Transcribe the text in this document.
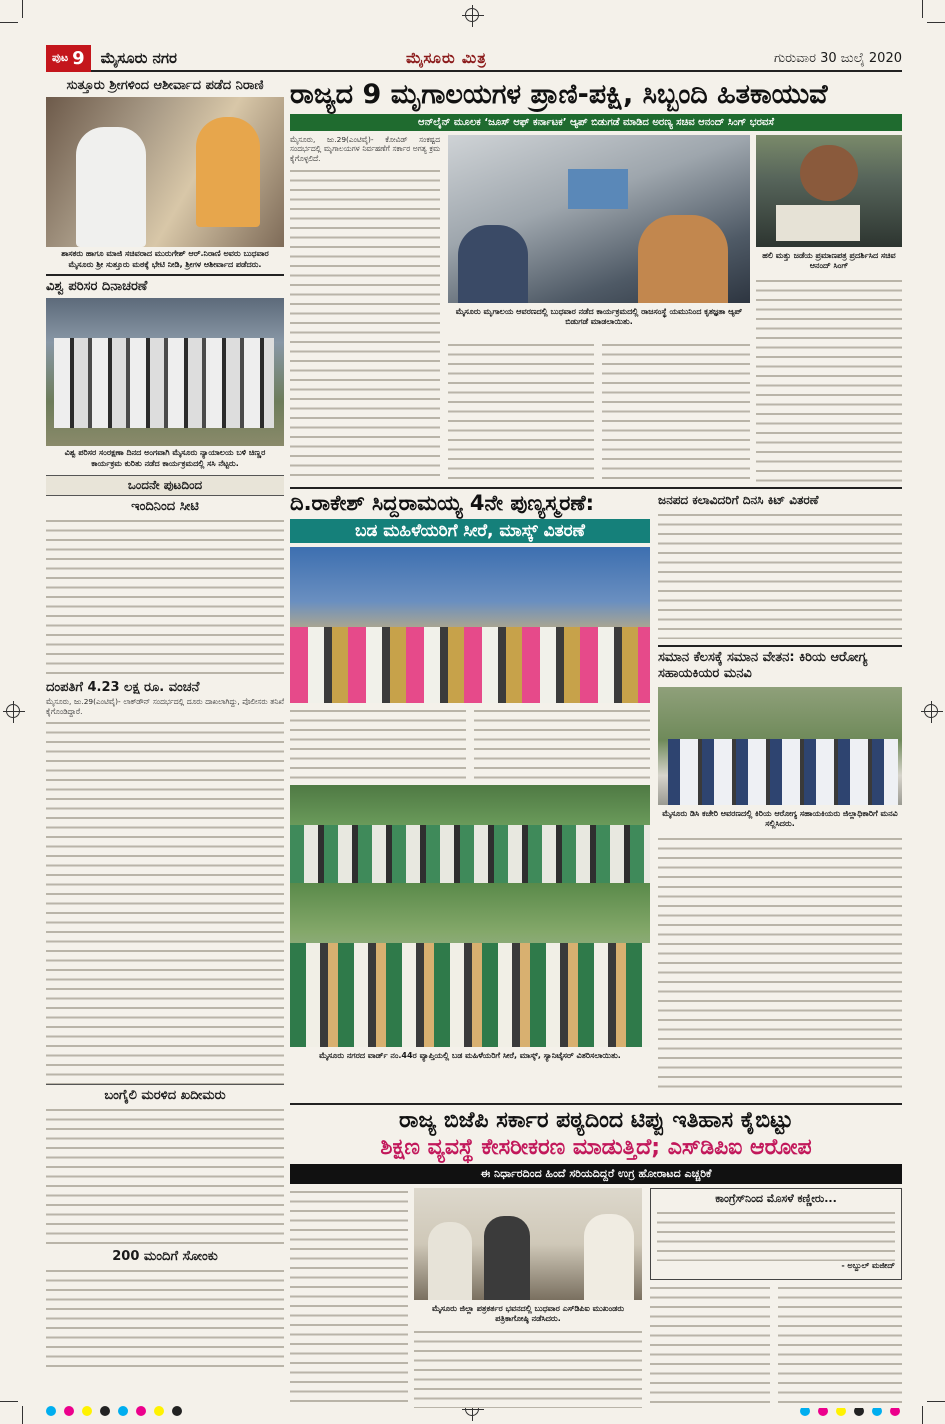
ಪುಟ 9 ಮೈಸೂರು ನಗರ	ಮೈಸೂರು ಮಿತ್ರ	ಗುರುವಾರ 30 ಜುಲೈ 2020
ಸುತ್ತೂರು ಶ್ರೀಗಳಿಂದ ಆಶೀರ್ವಾದ ಪಡೆದ ನಿರಾಣಿ
ಶಾಸಕರು ಹಾಗೂ ಮಾಜಿ ಸಚಿವರಾದ ಮುರುಗೇಶ್ ಆರ್.ನಿರಾಣಿ ಅವರು ಬುಧವಾರ ಮೈಸೂರು ಶ್ರೀ ಸುತ್ತೂರು ಮಠಕ್ಕೆ ಭೇಟಿ ನೀಡಿ, ಶ್ರೀಗಳ ಆಶೀರ್ವಾದ ಪಡೆದರು.
ವಿಶ್ವ ಪರಿಸರ ದಿನಾಚರಣೆ
ವಿಶ್ವ ಪರಿಸರ ಸಂರಕ್ಷಣಾ ದಿನದ ಅಂಗವಾಗಿ ಮೈಸೂರು ನ್ಯಾಯಾಲಯ ಬಳಿ ಚಿಣ್ಣರ ಕಾರ್ಯಕ್ರಮ ಕುರಿತು ನಡೆದ ಕಾರ್ಯಕ್ರಮದಲ್ಲಿ ಸಸಿ ನೆಟ್ಟರು.
ಒಂದನೇ ಪುಟದಿಂದ
ಇಂದಿನಿಂದ ಸೀಟಿ
ದಂಪತಿಗೆ 4.23 ಲಕ್ಷ ರೂ. ವಂಚನೆ
ಮೈಸೂರು, ಜು.29(ಎಂಟಿವೈ)- ಲಾಕ್‍ಡೌನ್ ಸಂದರ್ಭದಲ್ಲಿ ದೂರು ದಾಖಲಾಗಿದ್ದು, ಪೊಲೀಸರು ತನಿಖೆ ಕೈಗೊಂಡಿದ್ದಾರೆ.
ಬಂಗೈಲಿ ಮರಳಿದ ಖದೀಮರು
200 ಮಂದಿಗೆ ಸೋಂಕು
ರಾಜ್ಯದ 9 ಮೃಗಾಲಯಗಳ ಪ್ರಾಣಿ-ಪಕ್ಷಿ, ಸಿಬ್ಬಂದಿ ಹಿತಕಾಯುವೆ
ಆನ್‍ಲೈನ್ ಮೂಲಕ ‘ಜೂಸ್ ಆಫ್ ಕರ್ನಾಟಕ’ ಆ್ಯಪ್ ಬಿಡುಗಡೆ ಮಾಡಿದ ಅರಣ್ಯ ಸಚಿವ ಆನಂದ್ ಸಿಂಗ್ ಭರವಸೆ
ಮೈಸೂರು, ಜು.29(ಎಂಟಿವೈ)- ಕೋವಿಡ್ ಸಂಕಷ್ಟದ ಸಂದರ್ಭದಲ್ಲಿ ಮೃಗಾಲಯಗಳ ನಿರ್ವಹಣೆಗೆ ಸರ್ಕಾರ ಅಗತ್ಯ ಕ್ರಮ ಕೈಗೊಳ್ಳಲಿದೆ.
ಮೈಸೂರು ಮೃಗಾಲಯ ಆವರಣದಲ್ಲಿ ಬುಧವಾರ ನಡೆದ ಕಾರ್ಯಕ್ರಮದಲ್ಲಿ ರಾಜಸಂಸ್ಥೆ ಯಮುನಿಂದ ಕೃತಜ್ಞತಾ ಆ್ಯಪ್ ಬಿಡುಗಡೆ ಮಾಡಲಾಯಿತು.
ಹಲಿ ಮತ್ತು ಜಡೆಯ ಪ್ರಮಾಣಪತ್ರ ಪ್ರದರ್ಶಿಸಿದ ಸಚಿವ ಆನಂದ್ ಸಿಂಗ್
ದಿ.ರಾಕೇಶ್ ಸಿದ್ದರಾಮಯ್ಯ 4ನೇ ಪುಣ್ಯಸ್ಮರಣೆ:
ಬಡ ಮಹಿಳೆಯರಿಗೆ ಸೀರೆ, ಮಾಸ್ಕ್ ವಿತರಣೆ
ಜನಪದ ಕಲಾವಿದರಿಗೆ ದಿನಸಿ ಕಿಟ್ ವಿತರಣೆ
ಸಮಾನ ಕೆಲಸಕ್ಕೆ ಸಮಾನ ವೇತನ: ಕಿರಿಯ ಆರೋಗ್ಯ ಸಹಾಯಕಿಯರ ಮನವಿ
ಮೈಸೂರು ಡಿಸಿ ಕಚೇರಿ ಆವರಣದಲ್ಲಿ ಕಿರಿಯ ಆರೋಗ್ಯ ಸಹಾಯಕಿಯರು ಜಿಲ್ಲಾಧಿಕಾರಿಗೆ ಮನವಿ ಸಲ್ಲಿಸಿದರು.
ಮೈಸೂರು ನಗರದ ವಾರ್ಡ್ ನಂ.44ರ ವ್ಯಾಪ್ತಿಯಲ್ಲಿ ಬಡ ಮಹಿಳೆಯರಿಗೆ ಸೀರೆ, ಮಾಸ್ಕ್, ಸ್ಯಾನಿಟೈಸರ್ ವಿತರಿಸಲಾಯಿತು.
ರಾಜ್ಯ ಬಿಜೆಪಿ ಸರ್ಕಾರ ಪಠ್ಯದಿಂದ ಟಿಪ್ಪು ಇತಿಹಾಸ ಕೈಬಿಟ್ಟು
ಶಿಕ್ಷಣ ವ್ಯವಸ್ಥೆ ಕೇಸರೀಕರಣ ಮಾಡುತ್ತಿದೆ; ಎಸ್‍ಡಿಪಿಐ ಆರೋಪ
ಈ ನಿರ್ಧಾರದಿಂದ ಹಿಂದೆ ಸರಿಯದಿದ್ದರೆ ಉಗ್ರ ಹೋರಾಟದ ಎಚ್ಚರಿಕೆ
ಮೈಸೂರು ಜಿಲ್ಲಾ ಪತ್ರಕರ್ತರ ಭವನದಲ್ಲಿ ಬುಧವಾರ ಎಸ್‍ಡಿಪಿಐ ಮುಖಂಡರು ಪತ್ರಿಕಾಗೋಷ್ಠಿ ನಡೆಸಿದರು.
ಕಾಂಗ್ರೆಸ್‍ನಿಂದ ಮೊಸಳೆ ಕಣ್ಣೀರು...
- ಅಬ್ದುಲ್ ಮಜೀದ್
